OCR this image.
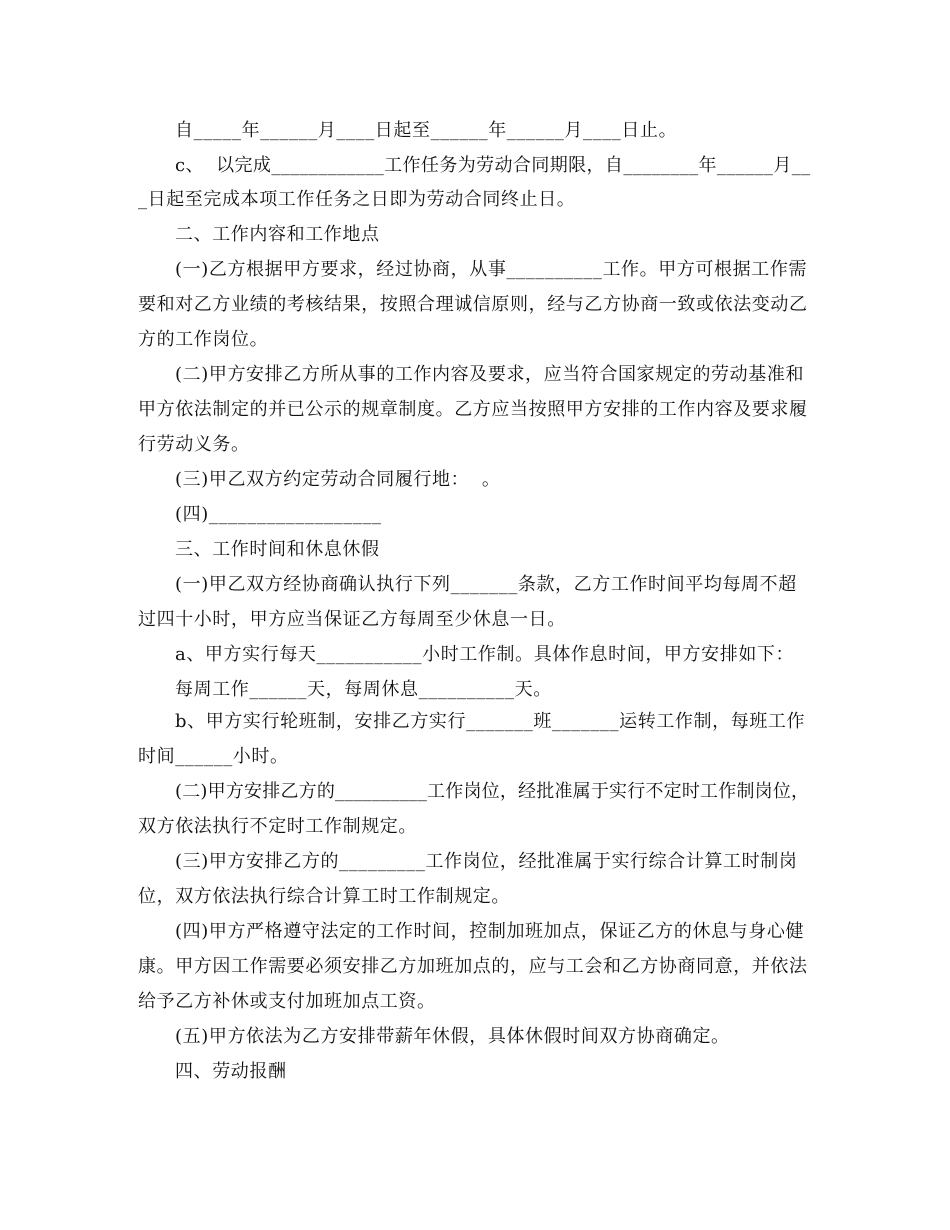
自_____年______月____日起至______年______月____日止。
c、  以完成____________工作任务为劳动合同期限，自________年______月__
_日起至完成本项工作任务之日即为劳动合同终止日。
二、工作内容和工作地点
(一)乙方根据甲方要求，经过协商，从事__________工作。甲方可根据工作需
要和对乙方业绩的考核结果，按照合理诚信原则，经与乙方协商一致或依法变动乙
方的工作岗位。
(二)甲方安排乙方所从事的工作内容及要求，应当符合国家规定的劳动基准和
甲方依法制定的并已公示的规章制度。乙方应当按照甲方安排的工作内容及要求履
行劳动义务。
(三)甲乙双方约定劳动合同履行地：  。
(四)__________________
三、工作时间和休息休假
(一)甲乙双方经协商确认执行下列_______条款，乙方工作时间平均每周不超
过四十小时，甲方应当保证乙方每周至少休息一日。
a、甲方实行每天___________小时工作制。具体作息时间，甲方安排如下：
每周工作______天，每周休息__________天。
b、甲方实行轮班制，安排乙方实行_______班_______运转工作制，每班工作
时间______小时。
(二)甲方安排乙方的__________工作岗位，经批准属于实行不定时工作制岗位，
双方依法执行不定时工作制规定。
(三)甲方安排乙方的_________工作岗位，经批准属于实行综合计算工时制岗
位，双方依法执行综合计算工时工作制规定。
(四)甲方严格遵守法定的工作时间，控制加班加点，保证乙方的休息与身心健
康。甲方因工作需要必须安排乙方加班加点的，应与工会和乙方协商同意，并依法
给予乙方补休或支付加班加点工资。
(五)甲方依法为乙方安排带薪年休假，具体休假时间双方协商确定。
四、劳动报酬
